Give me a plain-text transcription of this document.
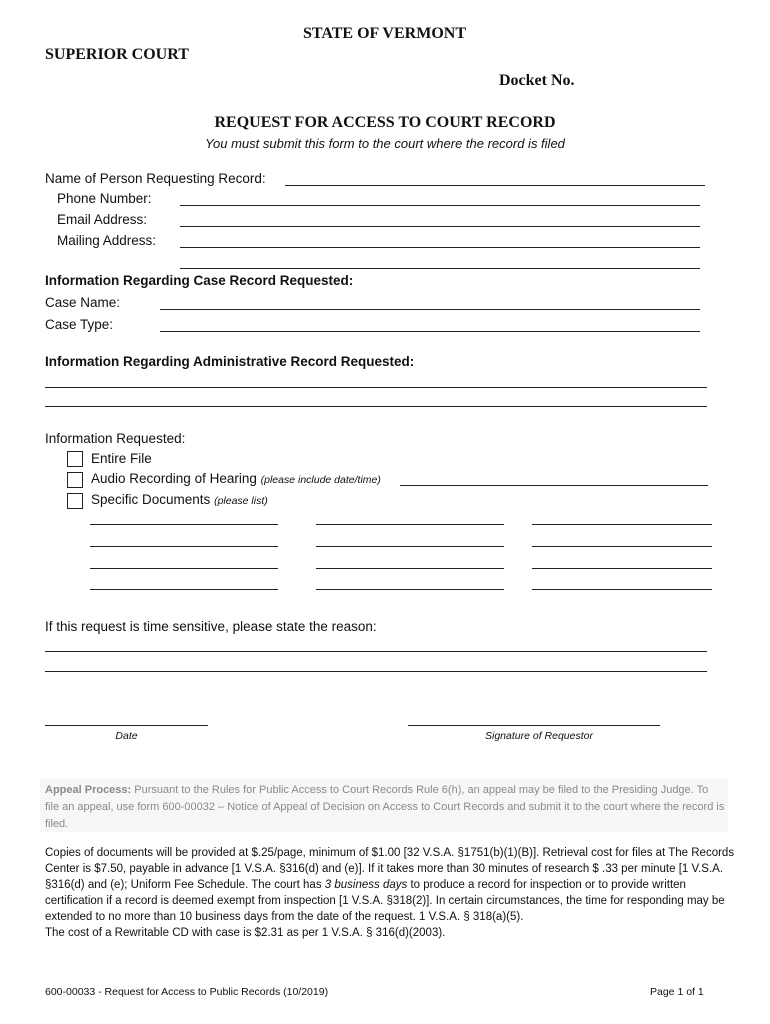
STATE OF VERMONT
SUPERIOR COURT
Docket No.
REQUEST FOR ACCESS TO COURT RECORD
You must submit this form to the court where the record is filed
Name of Person Requesting Record:
Phone Number:
Email Address:
Mailing Address:
Information Regarding Case Record Requested:
Case Name:
Case Type:
Information Regarding Administrative Record Requested:
Information Requested:
Entire File
Audio Recording of Hearing (please include date/time)
Specific Documents (please list)
If this request is time sensitive, please state the reason:
Date	Signature of Requestor
Appeal Process: Pursuant to the Rules for Public Access to Court Records Rule 6(h), an appeal may be filed to the Presiding Judge. To file an appeal, use form 600-00032 – Notice of Appeal of Decision on Access to Court Records and submit it to the court where the record is filed.
Copies of documents will be provided at $.25/page, minimum of $1.00 [32 V.S.A. §1751(b)(1)(B)]. Retrieval cost for files at The Records Center is $7.50, payable in advance [1 V.S.A. §316(d) and (e)]. If it takes more than 30 minutes of research $ .33 per minute [1 V.S.A. §316(d) and (e); Uniform Fee Schedule. The court has 3 business days to produce a record for inspection or to provide written certification if a record is deemed exempt from inspection [1 V.S.A. §318(2)]. In certain circumstances, the time for responding may be extended to no more than 10 business days from the date of the request. 1 V.S.A. § 318(a)(5).
The cost of a Rewritable CD with case is $2.31 as per 1 V.S.A. § 316(d)(2003).
600-00033 - Request for Access to Public Records (10/2019)	Page 1 of 1
